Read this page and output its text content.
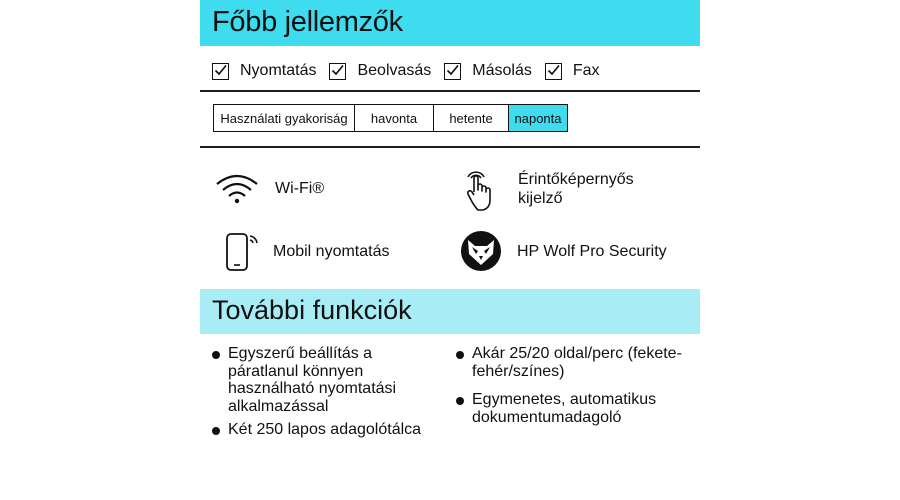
Főbb jellemzők
Nyomtatás	Beolvasás	Másolás	Fax
Használati gyakoriság	havonta	hetente	naponta
Wi-Fi®	Érintőképernyős kijelző
Mobil nyomtatás	HP Wolf Pro Security
További funkciók
Egyszerű beállítás a páratlanul könnyen használható nyomtatási alkalmazással
Két 250 lapos adagolótálca
Akár 25/20 oldal/perc (fekete-fehér/színes)
Egymenetes, automatikus dokumentumadagoló
